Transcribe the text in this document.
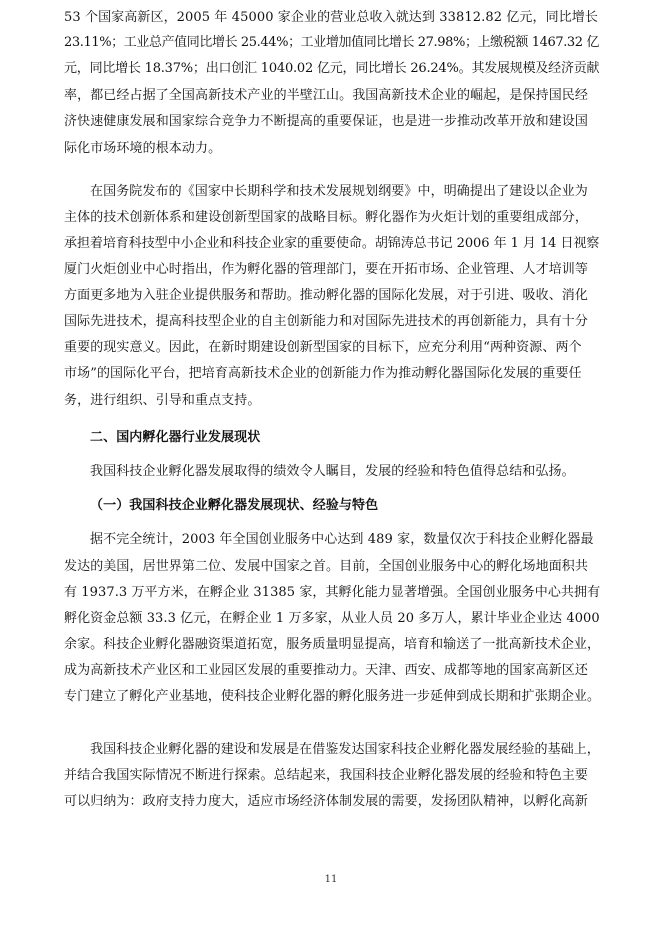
53 个国家高新区，2005 年 45000 家企业的营业总收入就达到 33812.82 亿元，同比增长
23.11%；工业总产值同比增长 25.44%；工业增加值同比增长 27.98%；上缴税额 1467.32 亿
元，同比增长 18.37%；出口创汇 1040.02 亿元，同比增长 26.24%。其发展规模及经济贡献
率，都已经占据了全国高新技术产业的半壁江山。我国高新技术企业的崛起，是保持国民经
济快速健康发展和国家综合竞争力不断提高的重要保证，也是进一步推动改革开放和建设国
际化市场环境的根本动力。
在国务院发布的《国家中长期科学和技术发展规划纲要》中，明确提出了建设以企业为
主体的技术创新体系和建设创新型国家的战略目标。孵化器作为火炬计划的重要组成部分，
承担着培育科技型中小企业和科技企业家的重要使命。胡锦涛总书记 2006 年 1 月 14 日视察
厦门火炬创业中心时指出，作为孵化器的管理部门，要在开拓市场、企业管理、人才培训等
方面更多地为入驻企业提供服务和帮助。推动孵化器的国际化发展，对于引进、吸收、消化
国际先进技术，提高科技型企业的自主创新能力和对国际先进技术的再创新能力，具有十分
重要的现实意义。因此，在新时期建设创新型国家的目标下，应充分利用“两种资源、两个
市场”的国际化平台，把培育高新技术企业的创新能力作为推动孵化器国际化发展的重要任
务，进行组织、引导和重点支持。
二、国内孵化器行业发展现状
我国科技企业孵化器发展取得的绩效令人瞩目，发展的经验和特色值得总结和弘扬。
（一）我国科技企业孵化器发展现状、经验与特色
据不完全统计，2003 年全国创业服务中心达到 489 家，数量仅次于科技企业孵化器最
发达的美国，居世界第二位、发展中国家之首。目前，全国创业服务中心的孵化场地面积共
有 1937.3 万平方米，在孵企业 31385 家，其孵化能力显著增强。全国创业服务中心共拥有
孵化资金总额 33.3 亿元，在孵企业 1 万多家，从业人员 20 多万人，累计毕业企业达 4000
余家。科技企业孵化器融资渠道拓宽，服务质量明显提高，培育和输送了一批高新技术企业，
成为高新技术产业区和工业园区发展的重要推动力。天津、西安、成都等地的国家高新区还
专门建立了孵化产业基地，使科技企业孵化器的孵化服务进一步延伸到成长期和扩张期企业。
我国科技企业孵化器的建设和发展是在借鉴发达国家科技企业孵化器发展经验的基础上，
并结合我国实际情况不断进行探索。总结起来，我国科技企业孵化器发展的经验和特色主要
可以归纳为：政府支持力度大，适应市场经济体制发展的需要，发扬团队精神，以孵化高新
11
